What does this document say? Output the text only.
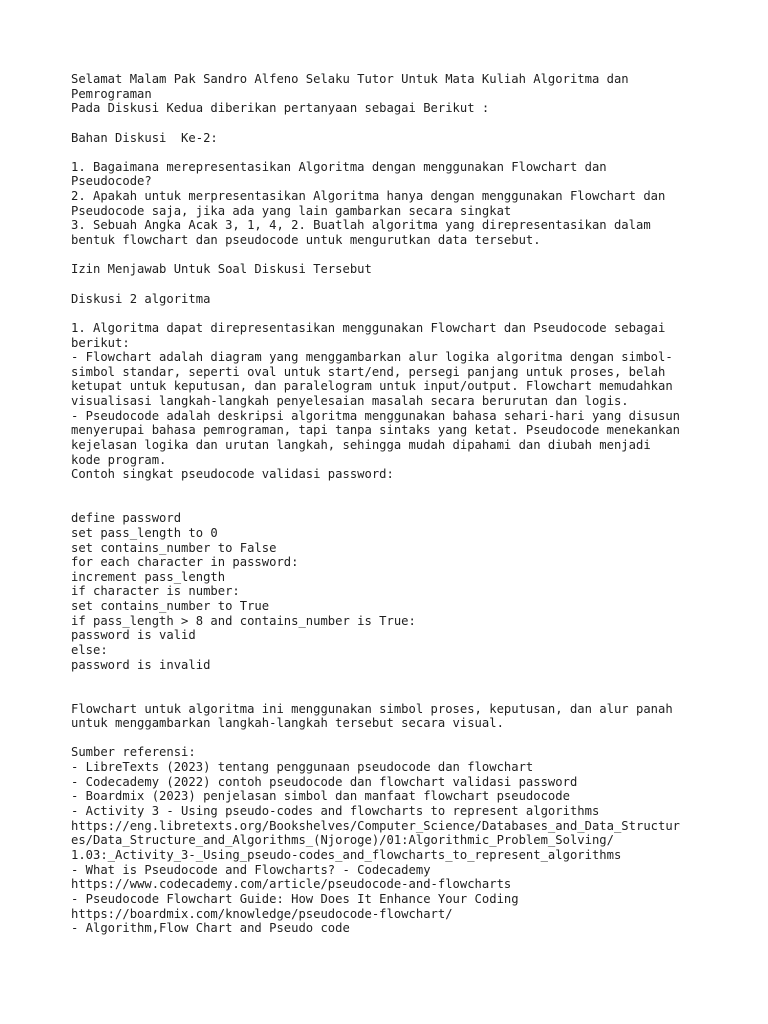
Selamat Malam Pak Sandro Alfeno Selaku Tutor Untuk Mata Kuliah Algoritma dan
Pemrograman
Pada Diskusi Kedua diberikan pertanyaan sebagai Berikut :
Bahan Diskusi  Ke-2:
1. Bagaimana merepresentasikan Algoritma dengan menggunakan Flowchart dan
Pseudocode?
2. Apakah untuk merpresentasikan Algoritma hanya dengan menggunakan Flowchart dan
Pseudocode saja, jika ada yang lain gambarkan secara singkat
3. Sebuah Angka Acak 3, 1, 4, 2. Buatlah algoritma yang direpresentasikan dalam
bentuk flowchart dan pseudocode untuk mengurutkan data tersebut.
Izin Menjawab Untuk Soal Diskusi Tersebut
Diskusi 2 algoritma
1. Algoritma dapat direpresentasikan menggunakan Flowchart dan Pseudocode sebagai
berikut:
- Flowchart adalah diagram yang menggambarkan alur logika algoritma dengan simbol-
simbol standar, seperti oval untuk start/end, persegi panjang untuk proses, belah
ketupat untuk keputusan, dan paralelogram untuk input/output. Flowchart memudahkan
visualisasi langkah-langkah penyelesaian masalah secara berurutan dan logis.
- Pseudocode adalah deskripsi algoritma menggunakan bahasa sehari-hari yang disusun
menyerupai bahasa pemrograman, tapi tanpa sintaks yang ketat. Pseudocode menekankan
kejelasan logika dan urutan langkah, sehingga mudah dipahami dan diubah menjadi
kode program.
Contoh singkat pseudocode validasi password:
define password
set pass_length to 0
set contains_number to False
for each character in password:
increment pass_length
if character is number:
set contains_number to True
if pass_length > 8 and contains_number is True:
password is valid
else:
password is invalid
Flowchart untuk algoritma ini menggunakan simbol proses, keputusan, dan alur panah
untuk menggambarkan langkah-langkah tersebut secara visual.
Sumber referensi:
- LibreTexts (2023) tentang penggunaan pseudocode dan flowchart
- Codecademy (2022) contoh pseudocode dan flowchart validasi password
- Boardmix (2023) penjelasan simbol dan manfaat flowchart pseudocode
- Activity 3 - Using pseudo-codes and flowcharts to represent algorithms
https://eng.libretexts.org/Bookshelves/Computer_Science/Databases_and_Data_Structur
es/Data_Structure_and_Algorithms_(Njoroge)/01:Algorithmic_Problem_Solving/
1.03:_Activity_3-_Using_pseudo-codes_and_flowcharts_to_represent_algorithms
- What is Pseudocode and Flowcharts? - Codecademy
https://www.codecademy.com/article/pseudocode-and-flowcharts
- Pseudocode Flowchart Guide: How Does It Enhance Your Coding
https://boardmix.com/knowledge/pseudocode-flowchart/
- Algorithm,Flow Chart and Pseudo code
